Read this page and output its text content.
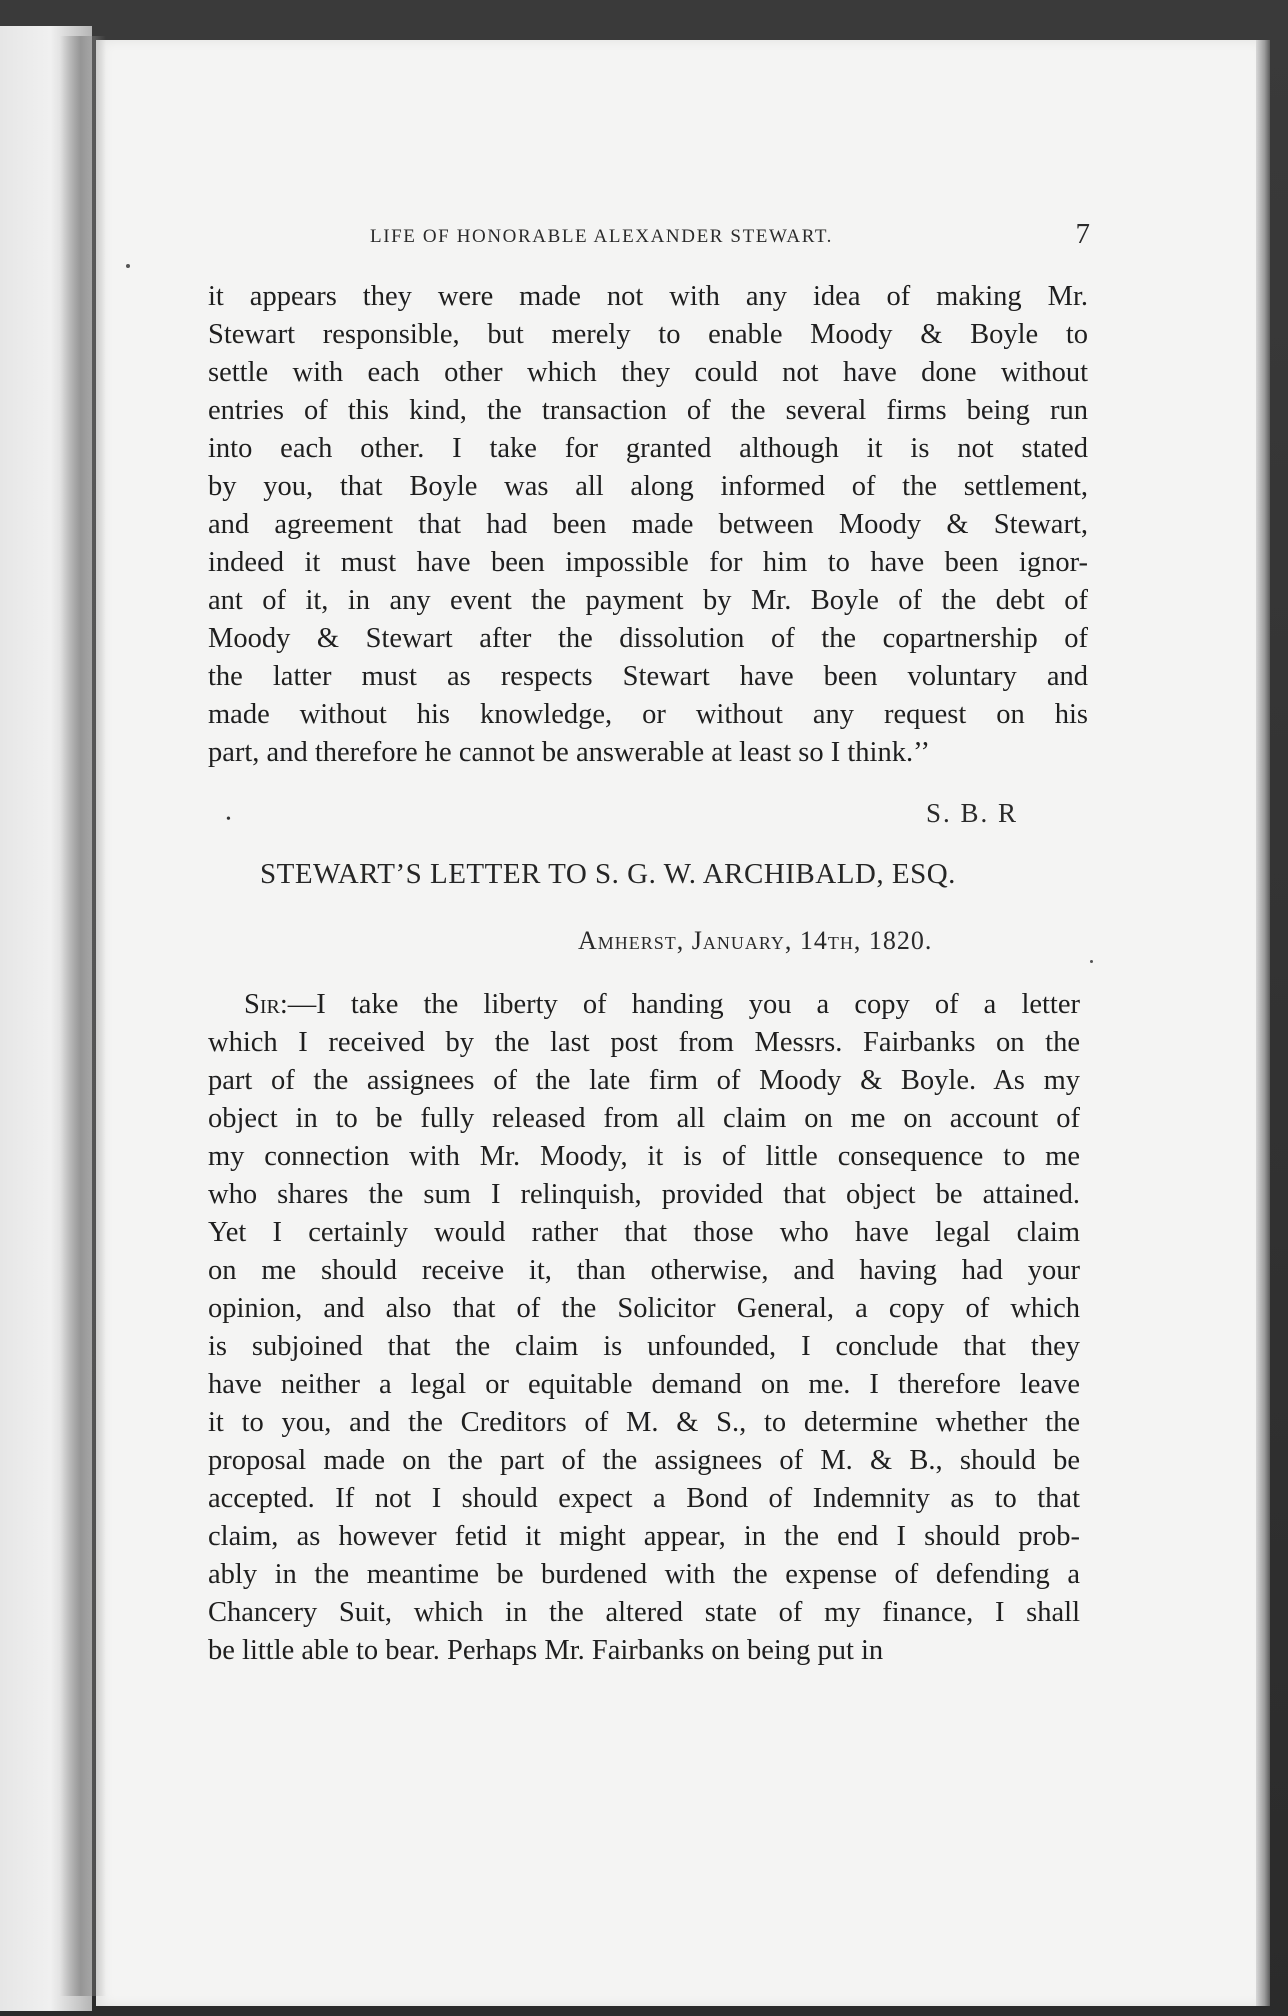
LIFE OF HONORABLE ALEXANDER STEWART.	7
it appears they were made not with any idea of making Mr.
Stewart responsible, but merely to enable Moody & Boyle to
settle with each other which they could not have done without
entries of this kind, the transaction of the several firms being run
into each other. I take for granted although it is not stated
by you, that Boyle was all along informed of the settlement,
and agreement that had been made between Moody & Stewart,
indeed it must have been impossible for him to have been ignor-
ant of it, in any event the payment by Mr. Boyle of the debt of
Moody & Stewart after the dissolution of the copartnership of
the latter must as respects Stewart have been voluntary and
made without his knowledge, or without any request on his
part, and therefore he cannot be answerable at least so I think.’’
•	S. B. R
STEWART’S LETTER TO S. G. W. ARCHIBALD, ESQ.
Amherst, January, 14th, 1820.
Sir:—I take the liberty of handing you a copy of a letter
which I received by the last post from Messrs. Fairbanks on the
part of the assignees of the late firm of Moody & Boyle. As my
object in to be fully released from all claim on me on account of
my connection with Mr. Moody, it is of little consequence to me
who shares the sum I relinquish, provided that object be attained.
Yet I certainly would rather that those who have legal claim
on me should receive it, than otherwise, and having had your
opinion, and also that of the Solicitor General, a copy of which
is subjoined that the claim is unfounded, I conclude that they
have neither a legal or equitable demand on me. I therefore leave
it to you, and the Creditors of M. & S., to determine whether the
proposal made on the part of the assignees of M. & B., should be
accepted. If not I should expect a Bond of Indemnity as to that
claim, as however fetid it might appear, in the end I should prob-
ably in the meantime be burdened with the expense of defending a
Chancery Suit, which in the altered state of my finance, I shall
be little able to bear. Perhaps Mr. Fairbanks on being put in
